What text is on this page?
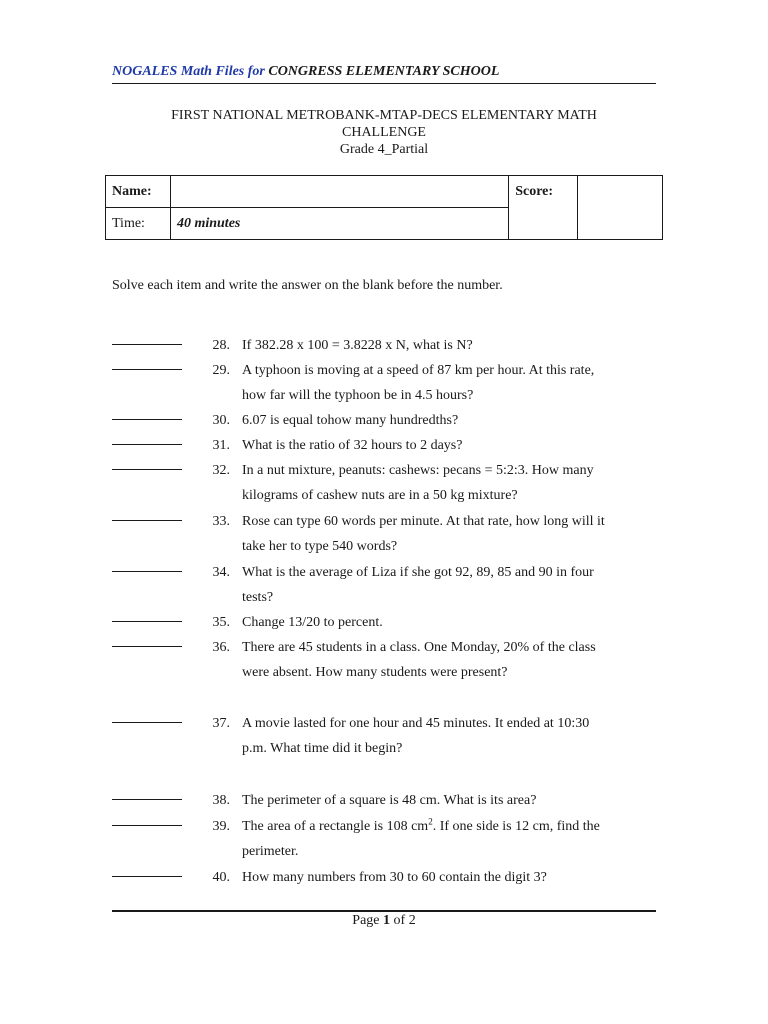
NOGALES Math Files for CONGRESS ELEMENTARY SCHOOL
FIRST NATIONAL METROBANK-MTAP-DECS ELEMENTARY MATH
CHALLENGE
Grade 4_Partial
Name:		Score:	
Time:	40 minutes		
Solve each item and write the answer on the blank before the number.
28. If 382.28 x 100 = 3.8228 x N, what is N?
29. A typhoon is moving at a speed of 87 km per hour. At this rate,
how far will the typhoon be in 4.5 hours?
30. 6.07 is equal tohow many hundredths?
31. What is the ratio of 32 hours to 2 days?
32. In a nut mixture, peanuts: cashews: pecans = 5:2:3. How many
kilograms of cashew nuts are in a 50 kg mixture?
33. Rose can type 60 words per minute. At that rate, how long will it
take her to type 540 words?
34. What is the average of Liza if she got 92, 89, 85 and 90 in four
tests?
35. Change 13/20 to percent.
36. There are 45 students in a class. One Monday, 20% of the class
were absent. How many students were present?
37. A movie lasted for one hour and 45 minutes. It ended at 10:30
p.m. What time did it begin?
38. The perimeter of a square is 48 cm. What is its area?
39. The area of a rectangle is 108 $cm^2$. If one side is 12 cm, find the
perimeter.
40. How many numbers from 30 to 60 contain the digit 3?
Page 1 of 2
